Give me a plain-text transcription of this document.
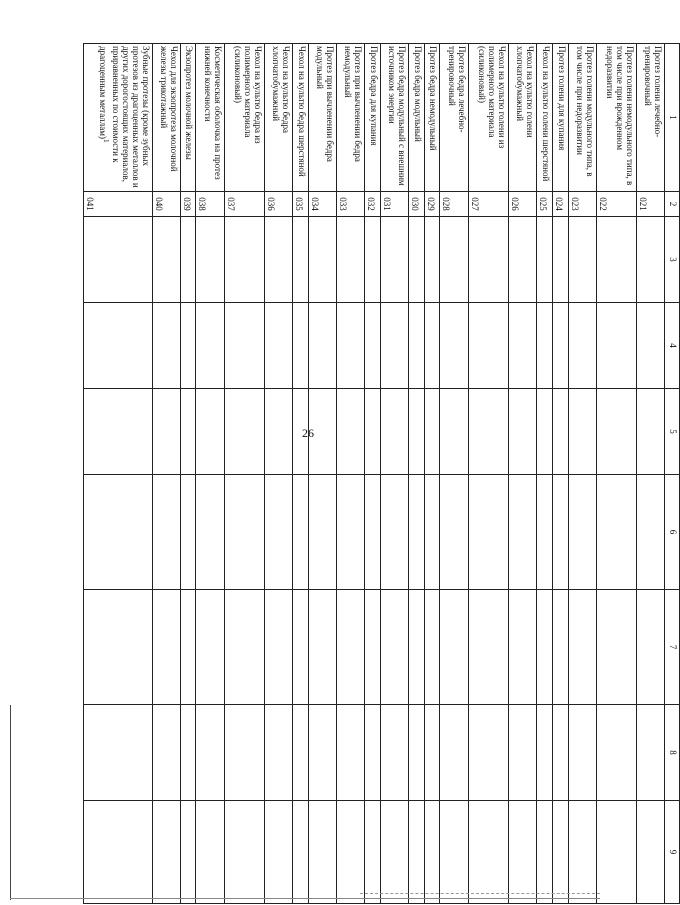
26
1	2	3	4	5	6	7	8	9
Протез голени лечебно-тренировочный	021							
Протез голени немодульного типа, в том числе при врожденном недоразвитии	022							
Протез голени модульного типа, в том числе при недоразвитии	023							
Протез голени для купания	024							
Чехол на культю голени шерстяной	025							
Чехол на культю голени хлопчатобумажный	026							
Чехол на культю голени из полимерного материала (силиконовый)	027							
Протез бедра лечебно-тренировочный	028							
Протез бедра немодульный	029							
Протез бедра модульный	030							
Протез бедра модульный с внешним источником энергии	031							
Протез бедра для купания	032							
Протез при вычленении бедра немодульный	033							
Протез при вычленении бедра модульный	034							
Чехол на культю бедра шерстяной	035							
Чехол на культю бедра хлопчатобумажный	036							
Чехол на культю бедра из полимерного материала (силиконовый)	037							
Косметическая оболочка на протез нижней конечности	038							
Экзопротез молочной железы	039							
Чехол для экзопротеза молочной железы трикотажный	040							
Зубные протезы (кроме зубных протезов из драгоценных металлов и других дорогостоящих материалов, приравненных по стоимости к драгоценным металлам)$^1$	041							
